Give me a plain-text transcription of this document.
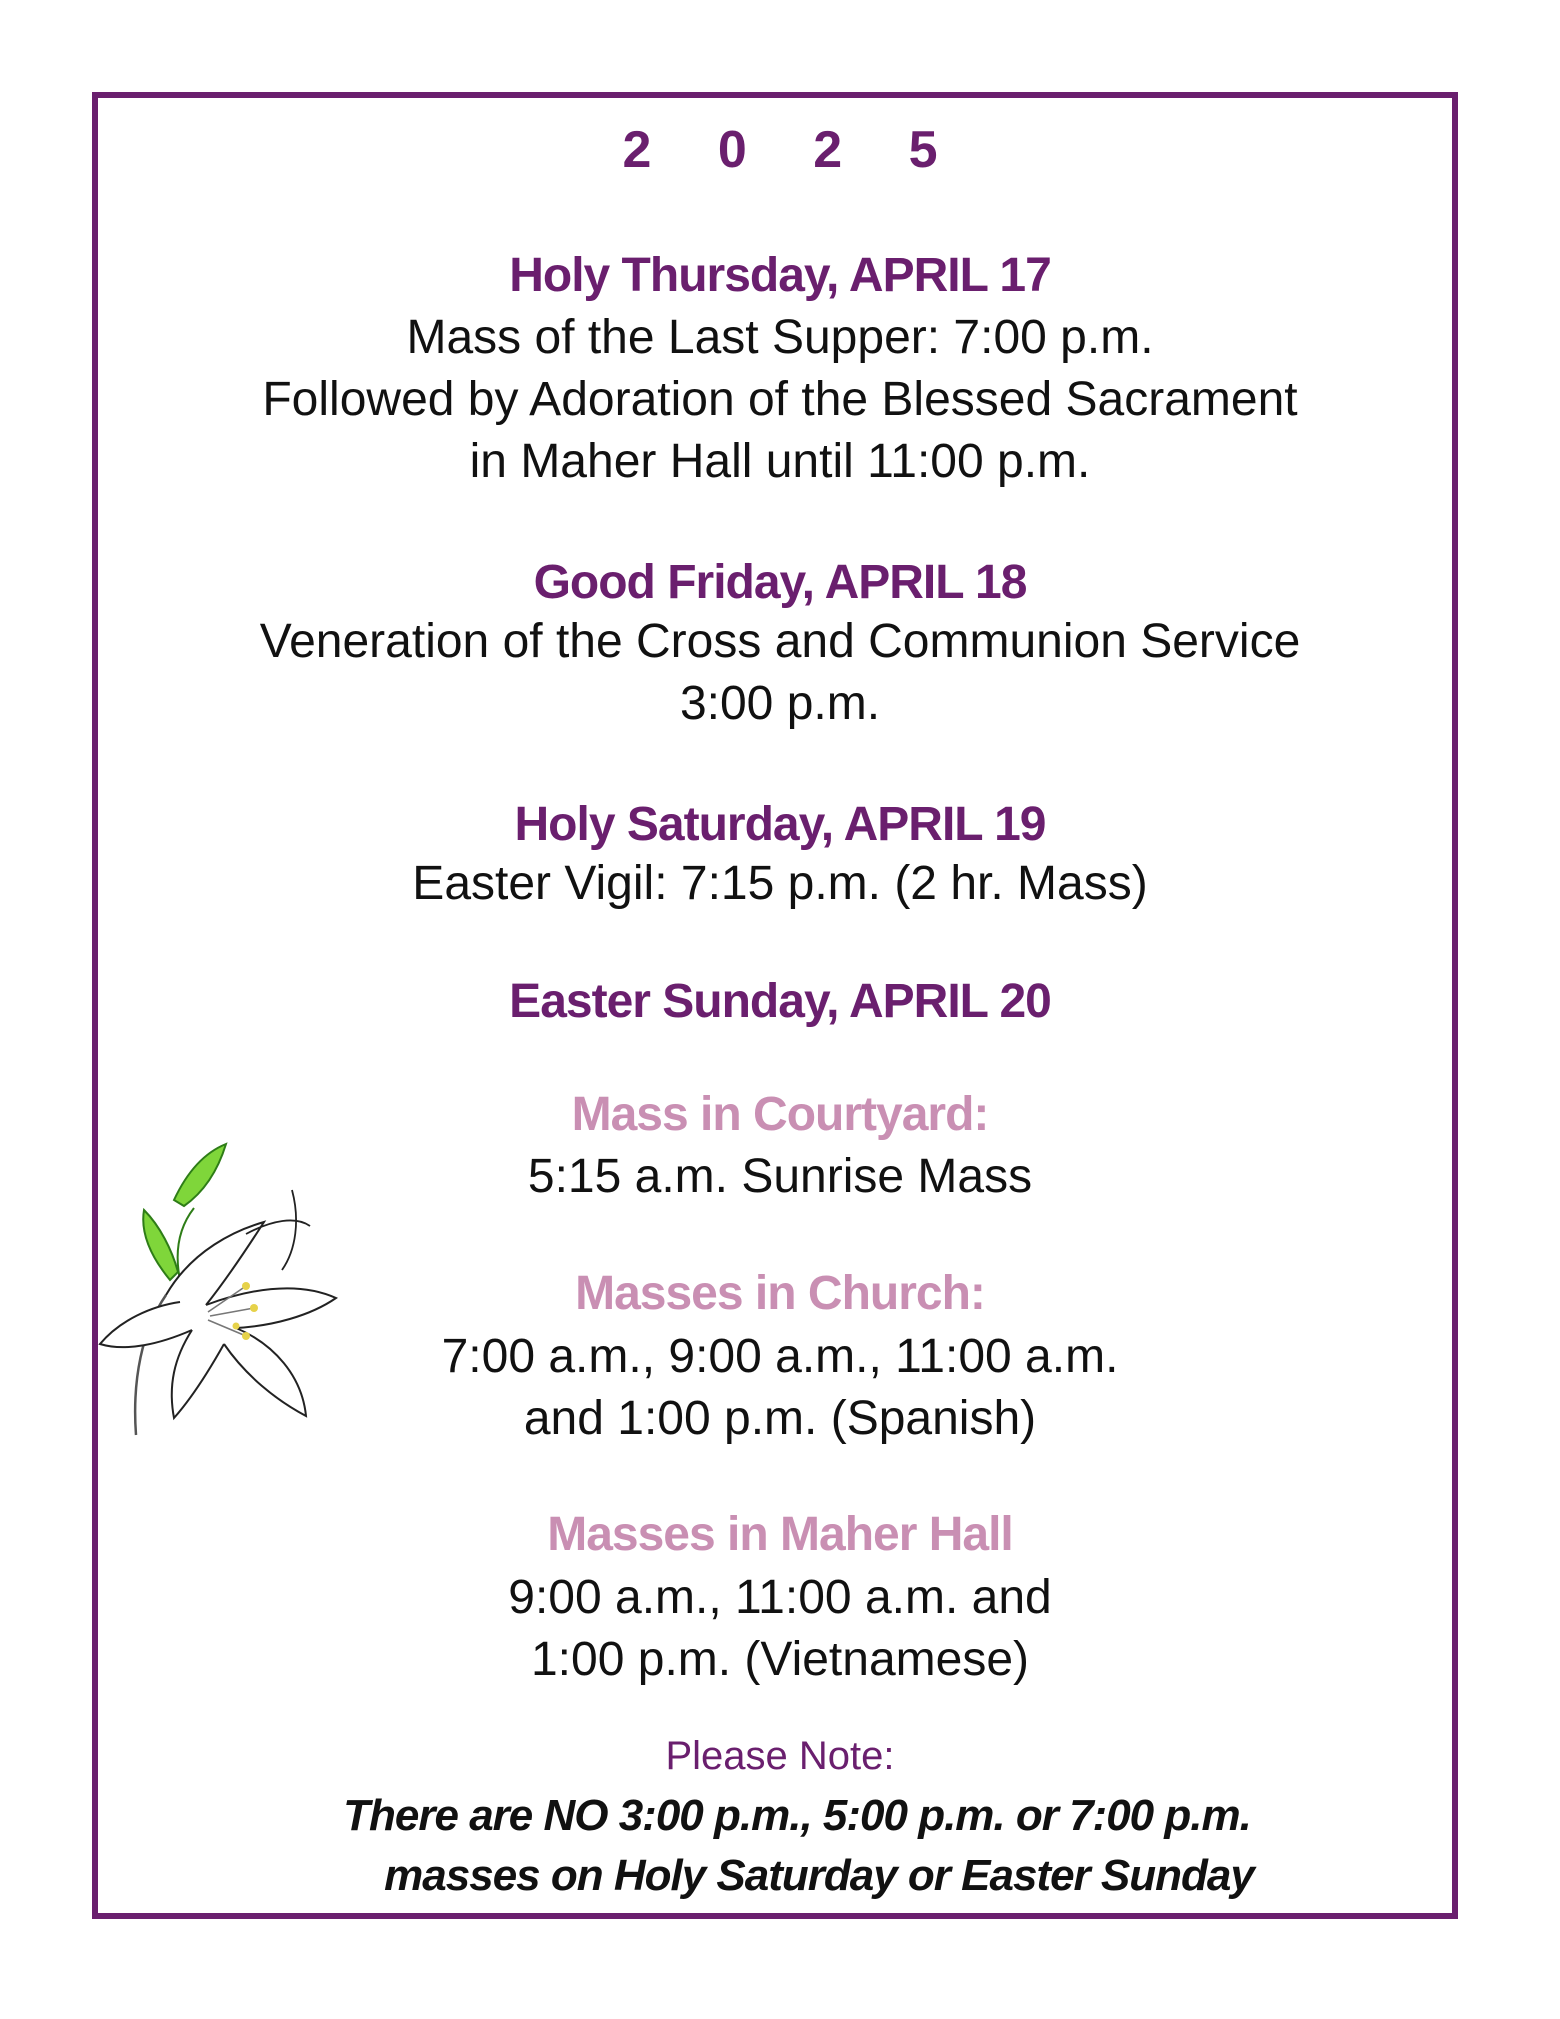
2 0 2 5
Holy Thursday, APRIL 17
Mass of the Last Supper: 7:00 p.m.
Followed by Adoration of the Blessed Sacrament
in Maher Hall until 11:00 p.m.
Good Friday, APRIL 18
Veneration of the Cross and Communion Service
3:00 p.m.
Holy Saturday, APRIL 19
Easter Vigil: 7:15 p.m. (2 hr. Mass)
Easter Sunday, APRIL 20
Mass in Courtyard:
5:15 a.m. Sunrise Mass
Masses in Church:
7:00 a.m., 9:00 a.m., 11:00 a.m.
and 1:00 p.m. (Spanish)
Masses in Maher Hall
9:00 a.m., 11:00 a.m. and
1:00 p.m. (Vietnamese)
Please Note:
There are NO 3:00 p.m., 5:00 p.m. or 7:00 p.m.
masses on Holy Saturday or Easter Sunday
